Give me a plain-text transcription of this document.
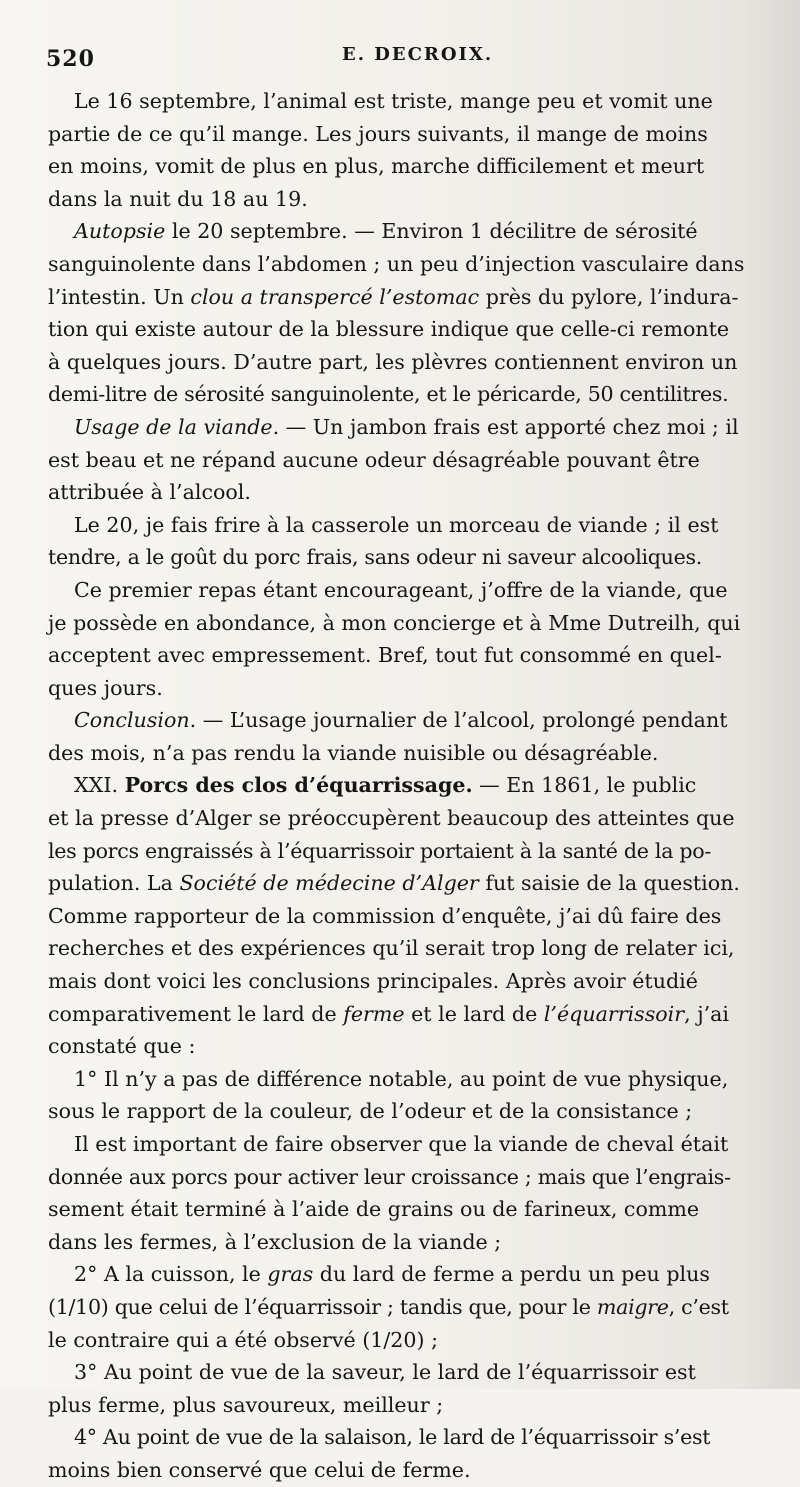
520	E. DECROIX.
Le 16 septembre, l’animal est triste, mange peu et vomit une
partie de ce qu’il mange. Les jours suivants, il mange de moins
en moins, vomit de plus en plus, marche difficilement et meurt
dans la nuit du 18 au 19.
Autopsie le 20 septembre. — Environ 1 décilitre de sérosité
sanguinolente dans l’abdomen ; un peu d’injection vasculaire dans
l’intestin. Un clou a transpercé l’estomac près du pylore, l’indura-
tion qui existe autour de la blessure indique que celle-ci remonte
à quelques jours. D’autre part, les plèvres contiennent environ un
demi-litre de sérosité sanguinolente, et le péricarde, 50 centilitres.
Usage de la viande. — Un jambon frais est apporté chez moi ; il
est beau et ne répand aucune odeur désagréable pouvant être
attribuée à l’alcool.
Le 20, je fais frire à la casserole un morceau de viande ; il est
tendre, a le goût du porc frais, sans odeur ni saveur alcooliques.
Ce premier repas étant encourageant, j’offre de la viande, que
je possède en abondance, à mon concierge et à Mme Dutreilh, qui
acceptent avec empressement. Bref, tout fut consommé en quel-
ques jours.
Conclusion. — L’usage journalier de l’alcool, prolongé pendant
des mois, n’a pas rendu la viande nuisible ou désagréable.
XXI. Porcs des clos d’équarrissage. — En 1861, le public
et la presse d’Alger se préoccupèrent beaucoup des atteintes que
les porcs engraissés à l’équarrissoir portaient à la santé de la po-
pulation. La Société de médecine d’Alger fut saisie de la question.
Comme rapporteur de la commission d’enquête, j’ai dû faire des
recherches et des expériences qu’il serait trop long de relater ici,
mais dont voici les conclusions principales. Après avoir étudié
comparativement le lard de ferme et le lard de l’équarrissoir , j’ai
constaté que :
1° Il n’y a pas de différence notable, au point de vue physique,
sous le rapport de la couleur, de l’odeur et de la consistance ;
Il est important de faire observer que la viande de cheval était
donnée aux porcs pour activer leur croissance ; mais que l’engrais-
sement était terminé à l’aide de grains ou de farineux, comme
dans les fermes, à l’exclusion de la viande ;
2° A la cuisson, le gras du lard de ferme a perdu un peu plus
(1/10) que celui de l’équarrissoir ; tandis que, pour le maigre , c’est
le contraire qui a été observé (1/20) ;
3° Au point de vue de la saveur, le lard de l’équarrissoir est
plus ferme, plus savoureux, meilleur ;
4° Au point de vue de la salaison, le lard de l’équarrissoir s’est
moins bien conservé que celui de ferme.
